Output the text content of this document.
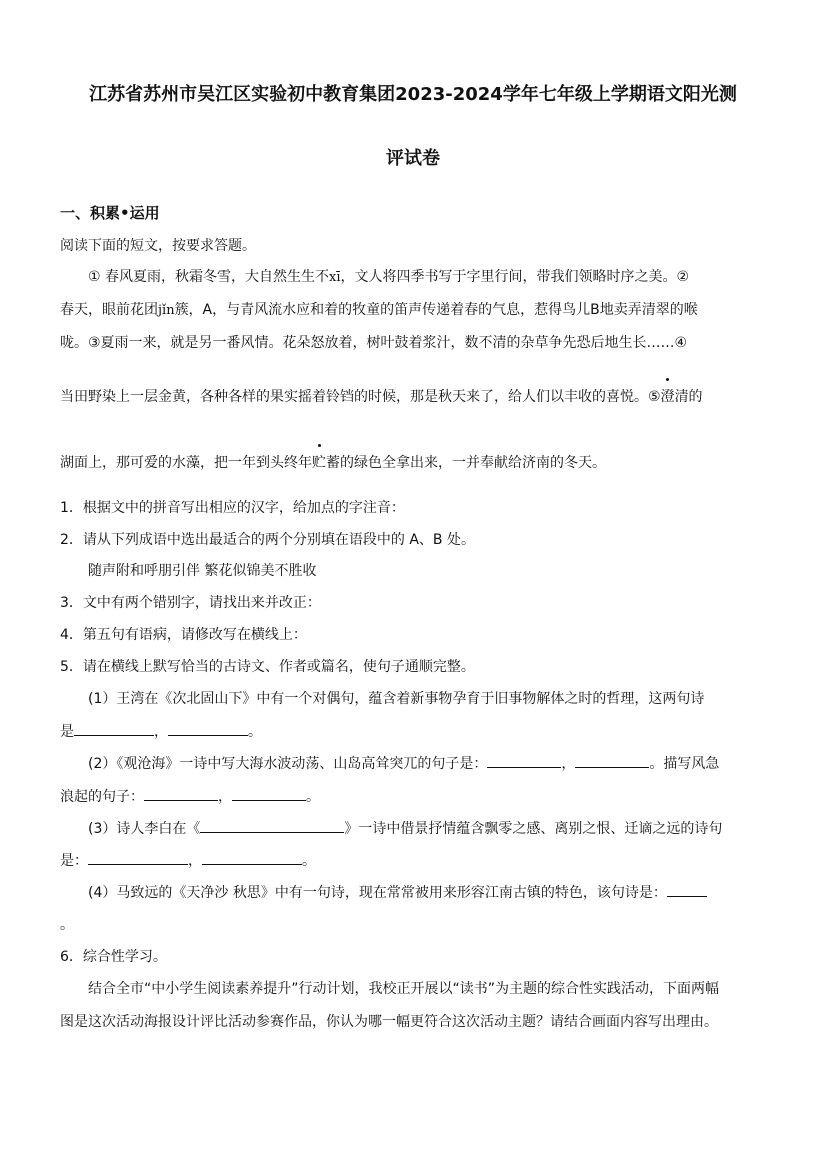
江苏省苏州市吴江区实验初中教育集团2023-2024学年七年级上学期语文阳光测
评试卷
一、积累•运用
阅读下面的短文，按要求答题。
① 春风夏雨，秋霜冬雪，大自然生生不xī，文人将四季书写于字里行间，带我们领略时序之美。②
春天，眼前花团jǐn簇，A，与青风流水应和着的牧童的笛声传递着春的气息，惹得鸟儿B地卖弄清翠的喉
咙。③夏雨一来，就是另一番风情。花朵怒放着，树叶鼓着浆汁，数不清的杂草争先恐后地生长……④
当田野染上一层金黄，各种各样的果实摇着铃铛的时候，那是秋天来了，给人们以丰收的喜悦。⑤澄清的
湖面上，那可爱的水藻，把一年到头终年贮蓄的绿色全拿出来，一并奉献给济南的冬天。
1．根据文中的拼音写出相应的汉字，给加点的字注音：
2．请从下列成语中选出最适合的两个分别填在语段中的 A、B 处。
随声附和呼朋引伴 繁花似锦美不胜收
3．文中有两个错别字，请找出来并改正：
4．第五句有语病，请修改写在横线上：
5．请在横线上默写恰当的古诗文、作者或篇名，使句子通顺完整。
(1）王湾在《次北固山下》中有一个对偶句，蕴含着新事物孕育于旧事物解体之时的哲理，这两句诗
是	，	。
(2）《观沧海》一诗中写大海水波动荡、山岛高耸突兀的句子是：	，	。描写风急
浪起的句子：	，	。
(3）诗人李白在《	》一诗中借景抒情蕴含飘零之感、离别之恨、迁谪之远的诗句
是：	，	。
(4）马致远的《天净沙 秋思》中有一句诗，现在常常被用来形容江南古镇的特色，该句诗是：
。
6．综合性学习。
结合全市“中小学生阅读素养提升”行动计划，我校正开展以“读书”为主题的综合性实践活动，下面两幅
图是这次活动海报设计评比活动参赛作品，你认为哪一幅更符合这次活动主题？请结合画面内容写出理由。
